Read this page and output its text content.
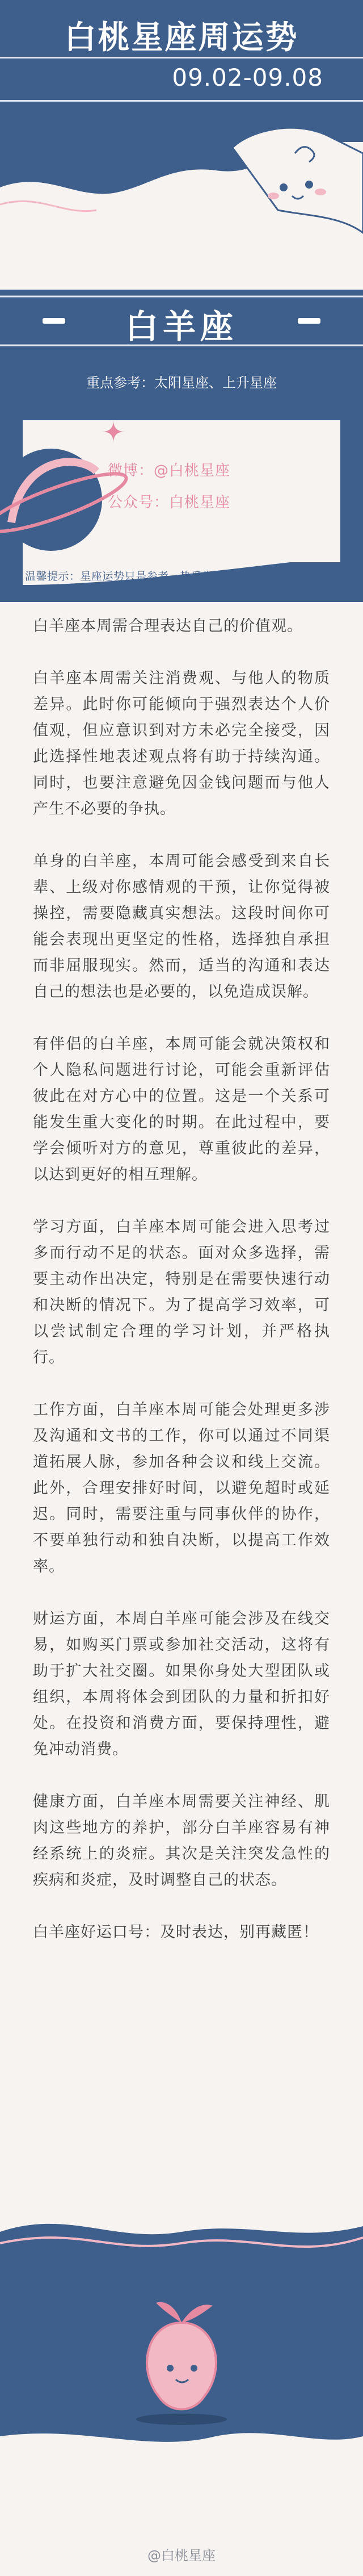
白桃星座周运势
09.02-09.08
白羊座
重点参考：太阳星座、上升星座
微博：@白桃星座
公众号：白桃星座
温馨提示：星座运势只是参考，热爱生活好运加倍。

白羊座本周需合理表达自己的价值观。

白羊座本周需关注消费观、与他人的物质差异。此时你可能倾向于强烈表达个人价值观，但应意识到对方未必完全接受，因此选择性地表述观点将有助于持续沟通。同时，也要注意避免因金钱问题而与他人产生不必要的争执。

单身的白羊座，本周可能会感受到来自长辈、上级对你感情观的干预，让你觉得被操控，需要隐藏真实想法。这段时间你可能会表现出更坚定的性格，选择独自承担而非屈服现实。然而，适当的沟通和表达自己的想法也是必要的，以免造成误解。

有伴侣的白羊座，本周可能会就决策权和个人隐私问题进行讨论，可能会重新评估彼此在对方心中的位置。这是一个关系可能发生重大变化的时期。在此过程中，要学会倾听对方的意见，尊重彼此的差异，以达到更好的相互理解。

学习方面，白羊座本周可能会进入思考过多而行动不足的状态。面对众多选择，需要主动作出决定，特别是在需要快速行动和决断的情况下。为了提高学习效率，可以尝试制定合理的学习计划，并严格执行。

工作方面，白羊座本周可能会处理更多涉及沟通和文书的工作，你可以通过不同渠道拓展人脉，参加各种会议和线上交流。此外，合理安排好时间，以避免超时或延迟。同时，需要注重与同事伙伴的协作，不要单独行动和独自决断，以提高工作效率。

财运方面，本周白羊座可能会涉及在线交易，如购买门票或参加社交活动，这将有助于扩大社交圈。如果你身处大型团队或组织，本周将体会到团队的力量和折扣好处。在投资和消费方面，要保持理性，避免冲动消费。

健康方面，白羊座本周需要关注神经、肌肉这些地方的养护，部分白羊座容易有神经系统上的炎症。其次是关注突发急性的疾病和炎症，及时调整自己的状态。

白羊座好运口号：及时表达，别再藏匿！

@白桃星座
